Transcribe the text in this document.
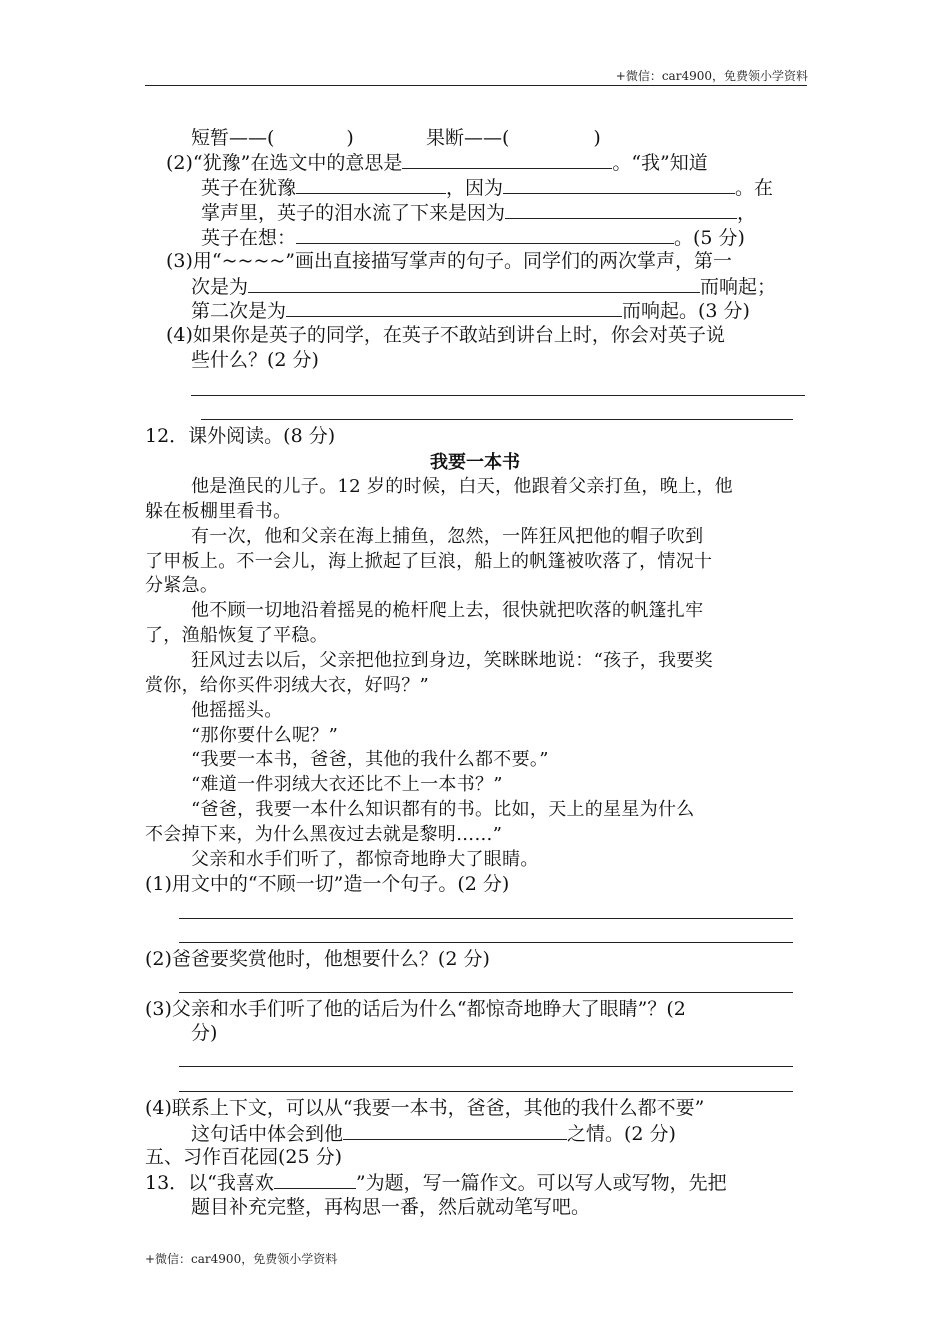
+微信：car4900，免费领小学资料
短暂——(	)	果断——(	)
(2)“犹豫”在选文中的意思是	。“我”知道
英子在犹豫	，因为	。在
掌声里，英子的泪水流了下来是因为	，
英子在想：	。(5 分)
(3)用“~~~~”画出直接描写掌声的句子。同学们的两次掌声，第一
次是为	而响起；
第二次是为	而响起。(3 分)
(4)如果你是英子的同学，在英子不敢站到讲台上时，你会对英子说
些什么？(2 分)
12．课外阅读。(8 分)
我要一本书
他是渔民的儿子。12 岁的时候，白天，他跟着父亲打鱼，晚上，他
躲在板棚里看书。
有一次，他和父亲在海上捕鱼，忽然，一阵狂风把他的帽子吹到
了甲板上。不一会儿，海上掀起了巨浪，船上的帆篷被吹落了，情况十
分紧急。
他不顾一切地沿着摇晃的桅杆爬上去，很快就把吹落的帆篷扎牢
了，渔船恢复了平稳。
狂风过去以后，父亲把他拉到身边，笑眯眯地说：“孩子，我要奖
赏你，给你买件羽绒大衣，好吗？”
他摇摇头。
“那你要什么呢？”
“我要一本书，爸爸，其他的我什么都不要。”
“难道一件羽绒大衣还比不上一本书？”
“爸爸，我要一本什么知识都有的书。比如，天上的星星为什么
不会掉下来，为什么黑夜过去就是黎明……”
父亲和水手们听了，都惊奇地睁大了眼睛。
(1)用文中的“不顾一切”造一个句子。(2 分)
(2)爸爸要奖赏他时，他想要什么？(2 分)
(3)父亲和水手们听了他的话后为什么“都惊奇地睁大了眼睛”？(2
分)
(4)联系上下文，可以从“我要一本书，爸爸，其他的我什么都不要”
这句话中体会到他	之情。(2 分)
五、习作百花园(25 分)
13．以“我喜欢	”为题，写一篇作文。可以写人或写物，先把
题目补充完整，再构思一番，然后就动笔写吧。
+微信：car4900，免费领小学资料
